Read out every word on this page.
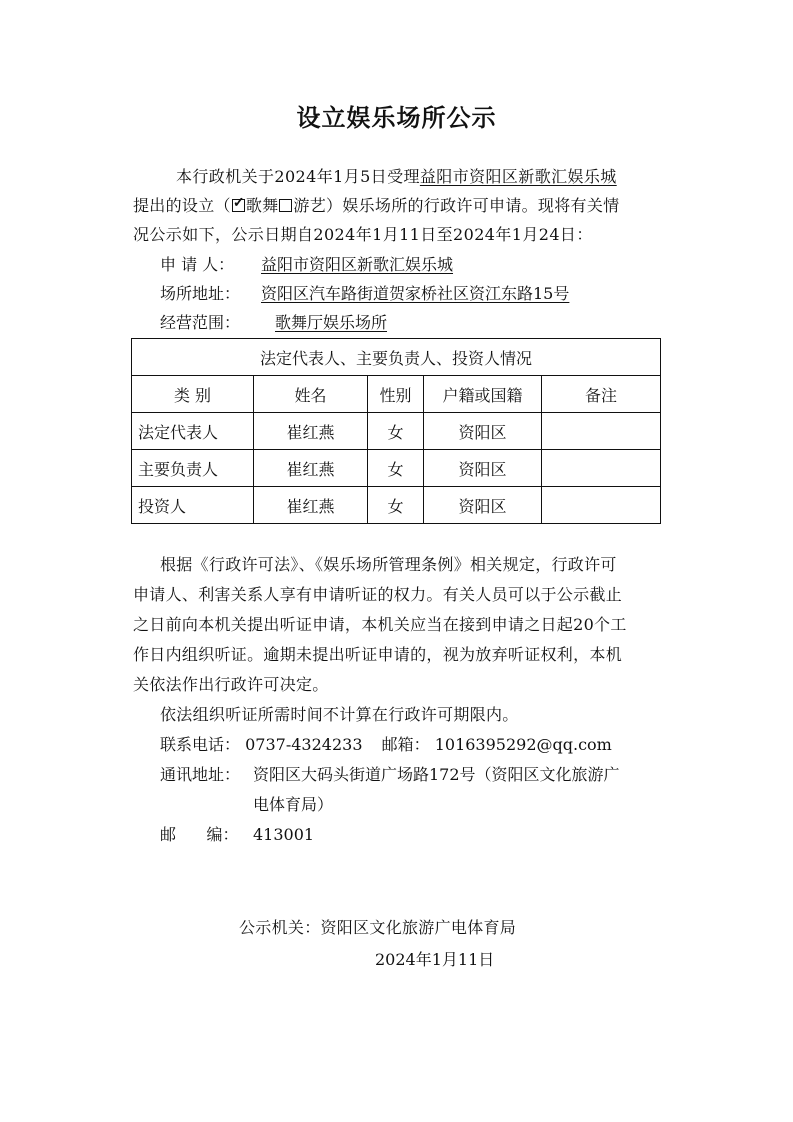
设立娱乐场所公示
本行政机关于2024年1月5日受理益阳市资阳区新歌汇娱乐城
提出的设立（ ✓ 歌舞 游艺）娱乐场所的行政许可申请。现将有关情
况公示如下，公示日期自2024年1月11日至2024年1月24日：
申 请 人： 益阳市资阳区新歌汇娱乐城
场所地址： 资阳区汽车路街道贺家桥社区资江东路15号
经营范围： 歌舞厅娱乐场所
法定代表人、主要负责人、投资人情况				
类 别	姓名	性别	户籍或国籍	备注
法定代表人	崔红燕	女	资阳区	
主要负责人	崔红燕	女	资阳区	
投资人	崔红燕	女	资阳区	
根据《行政许可法》、《娱乐场所管理条例》相关规定，行政许可
申请人、利害关系人享有申请听证的权力。有关人员可以于公示截止
之日前向本机关提出听证申请，本机关应当在接到申请之日起20个工
作日内组织听证。逾期未提出听证申请的，视为放弃听证权利，本机
关依法作出行政许可决定。
依法组织听证所需时间不计算在行政许可期限内。
联系电话： 0737-4324233 邮箱： 1016395292@qq.com
通讯地址： 资阳区大码头街道广场路172号（资阳区文化旅游广
电体育局）
邮      编： 413001
公示机关：资阳区文化旅游广电体育局
2024年1月11日
